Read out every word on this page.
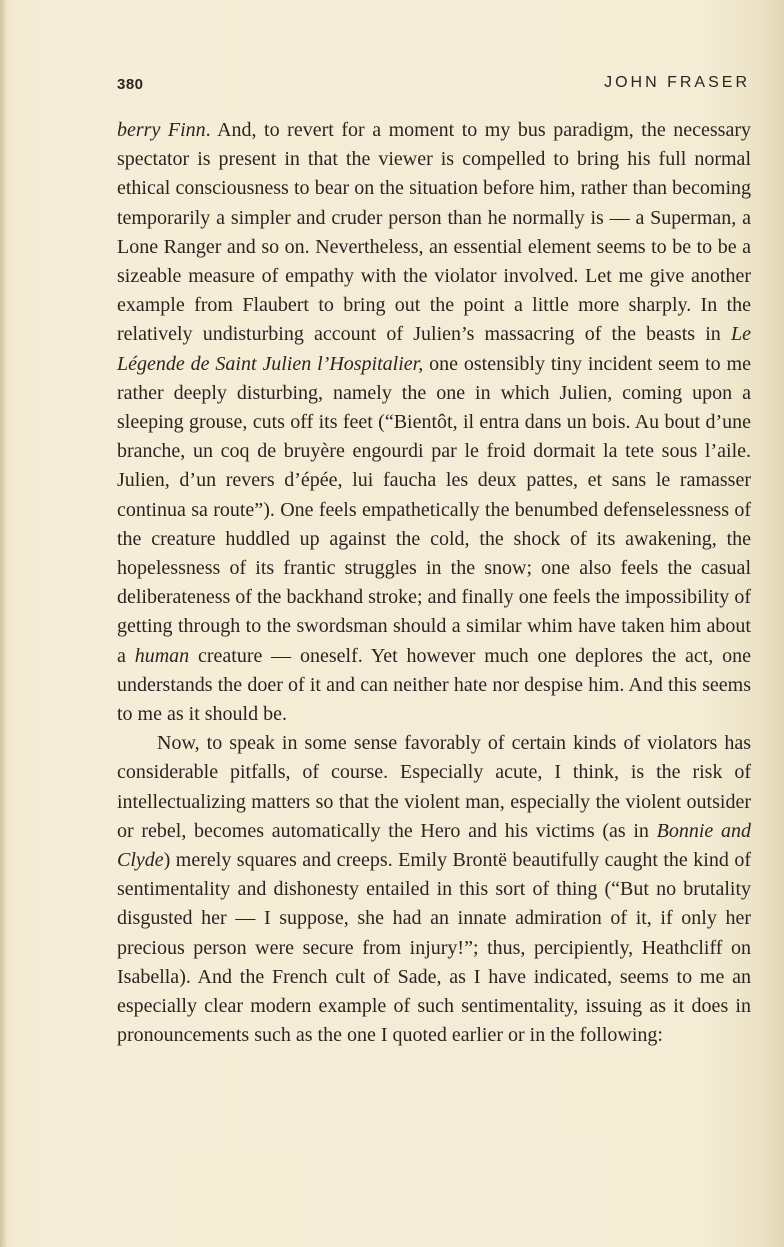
380	JOHN FRASER

berry Finn. And, to revert for a moment to my bus paradigm, the necessary spectator is present in that the viewer is compelled to bring his full normal ethical consciousness to bear on the situation before him, rather than becoming temporarily a simpler and cruder person than he normally is — a Superman, a Lone Ranger and so on. Nevertheless, an essential element seems to be to be a sizeable measure of empathy with the violator involved. Let me give another example from Flaubert to bring out the point a little more sharply. In the relatively undisturbing account of Julien’s massacring of the beasts in Le Légende de Saint Julien l’Hospitalier, one ostensibly tiny incident seem to me rather deeply disturbing, namely the one in which Julien, coming upon a sleeping grouse, cuts off its feet (“Bientôt, il entra dans un bois. Au bout d’une branche, un coq de bruyère engourdi par le froid dormait la tete sous l’aile. Julien, d’un revers d’épée, lui faucha les deux pattes, et sans le ramasser continua sa route”). One feels empathetically the benumbed defenselessness of the creature huddled up against the cold, the shock of its awakening, the hopelessness of its frantic struggles in the snow; one also feels the casual deliberateness of the backhand stroke; and finally one feels the impossibility of getting through to the swordsman should a similar whim have taken him about a human creature — oneself. Yet however much one deplores the act, one understands the doer of it and can neither hate nor despise him. And this seems to me as it should be.

Now, to speak in some sense favorably of certain kinds of violators has considerable pitfalls, of course. Especially acute, I think, is the risk of intellectualizing matters so that the violent man, especially the violent outsider or rebel, becomes automatically the Hero and his victims (as in Bonnie and Clyde) merely squares and creeps. Emily Brontë beautifully caught the kind of sentimentality and dishonesty entailed in this sort of thing (“But no brutality disgusted her — I suppose, she had an innate admiration of it, if only her precious person were secure from injury!”; thus, percipiently, Heathcliff on Isabella). And the French cult of Sade, as I have indicated, seems to me an especially clear modern example of such sentimentality, issuing as it does in pronouncements such as the one I quoted earlier or in the following:
